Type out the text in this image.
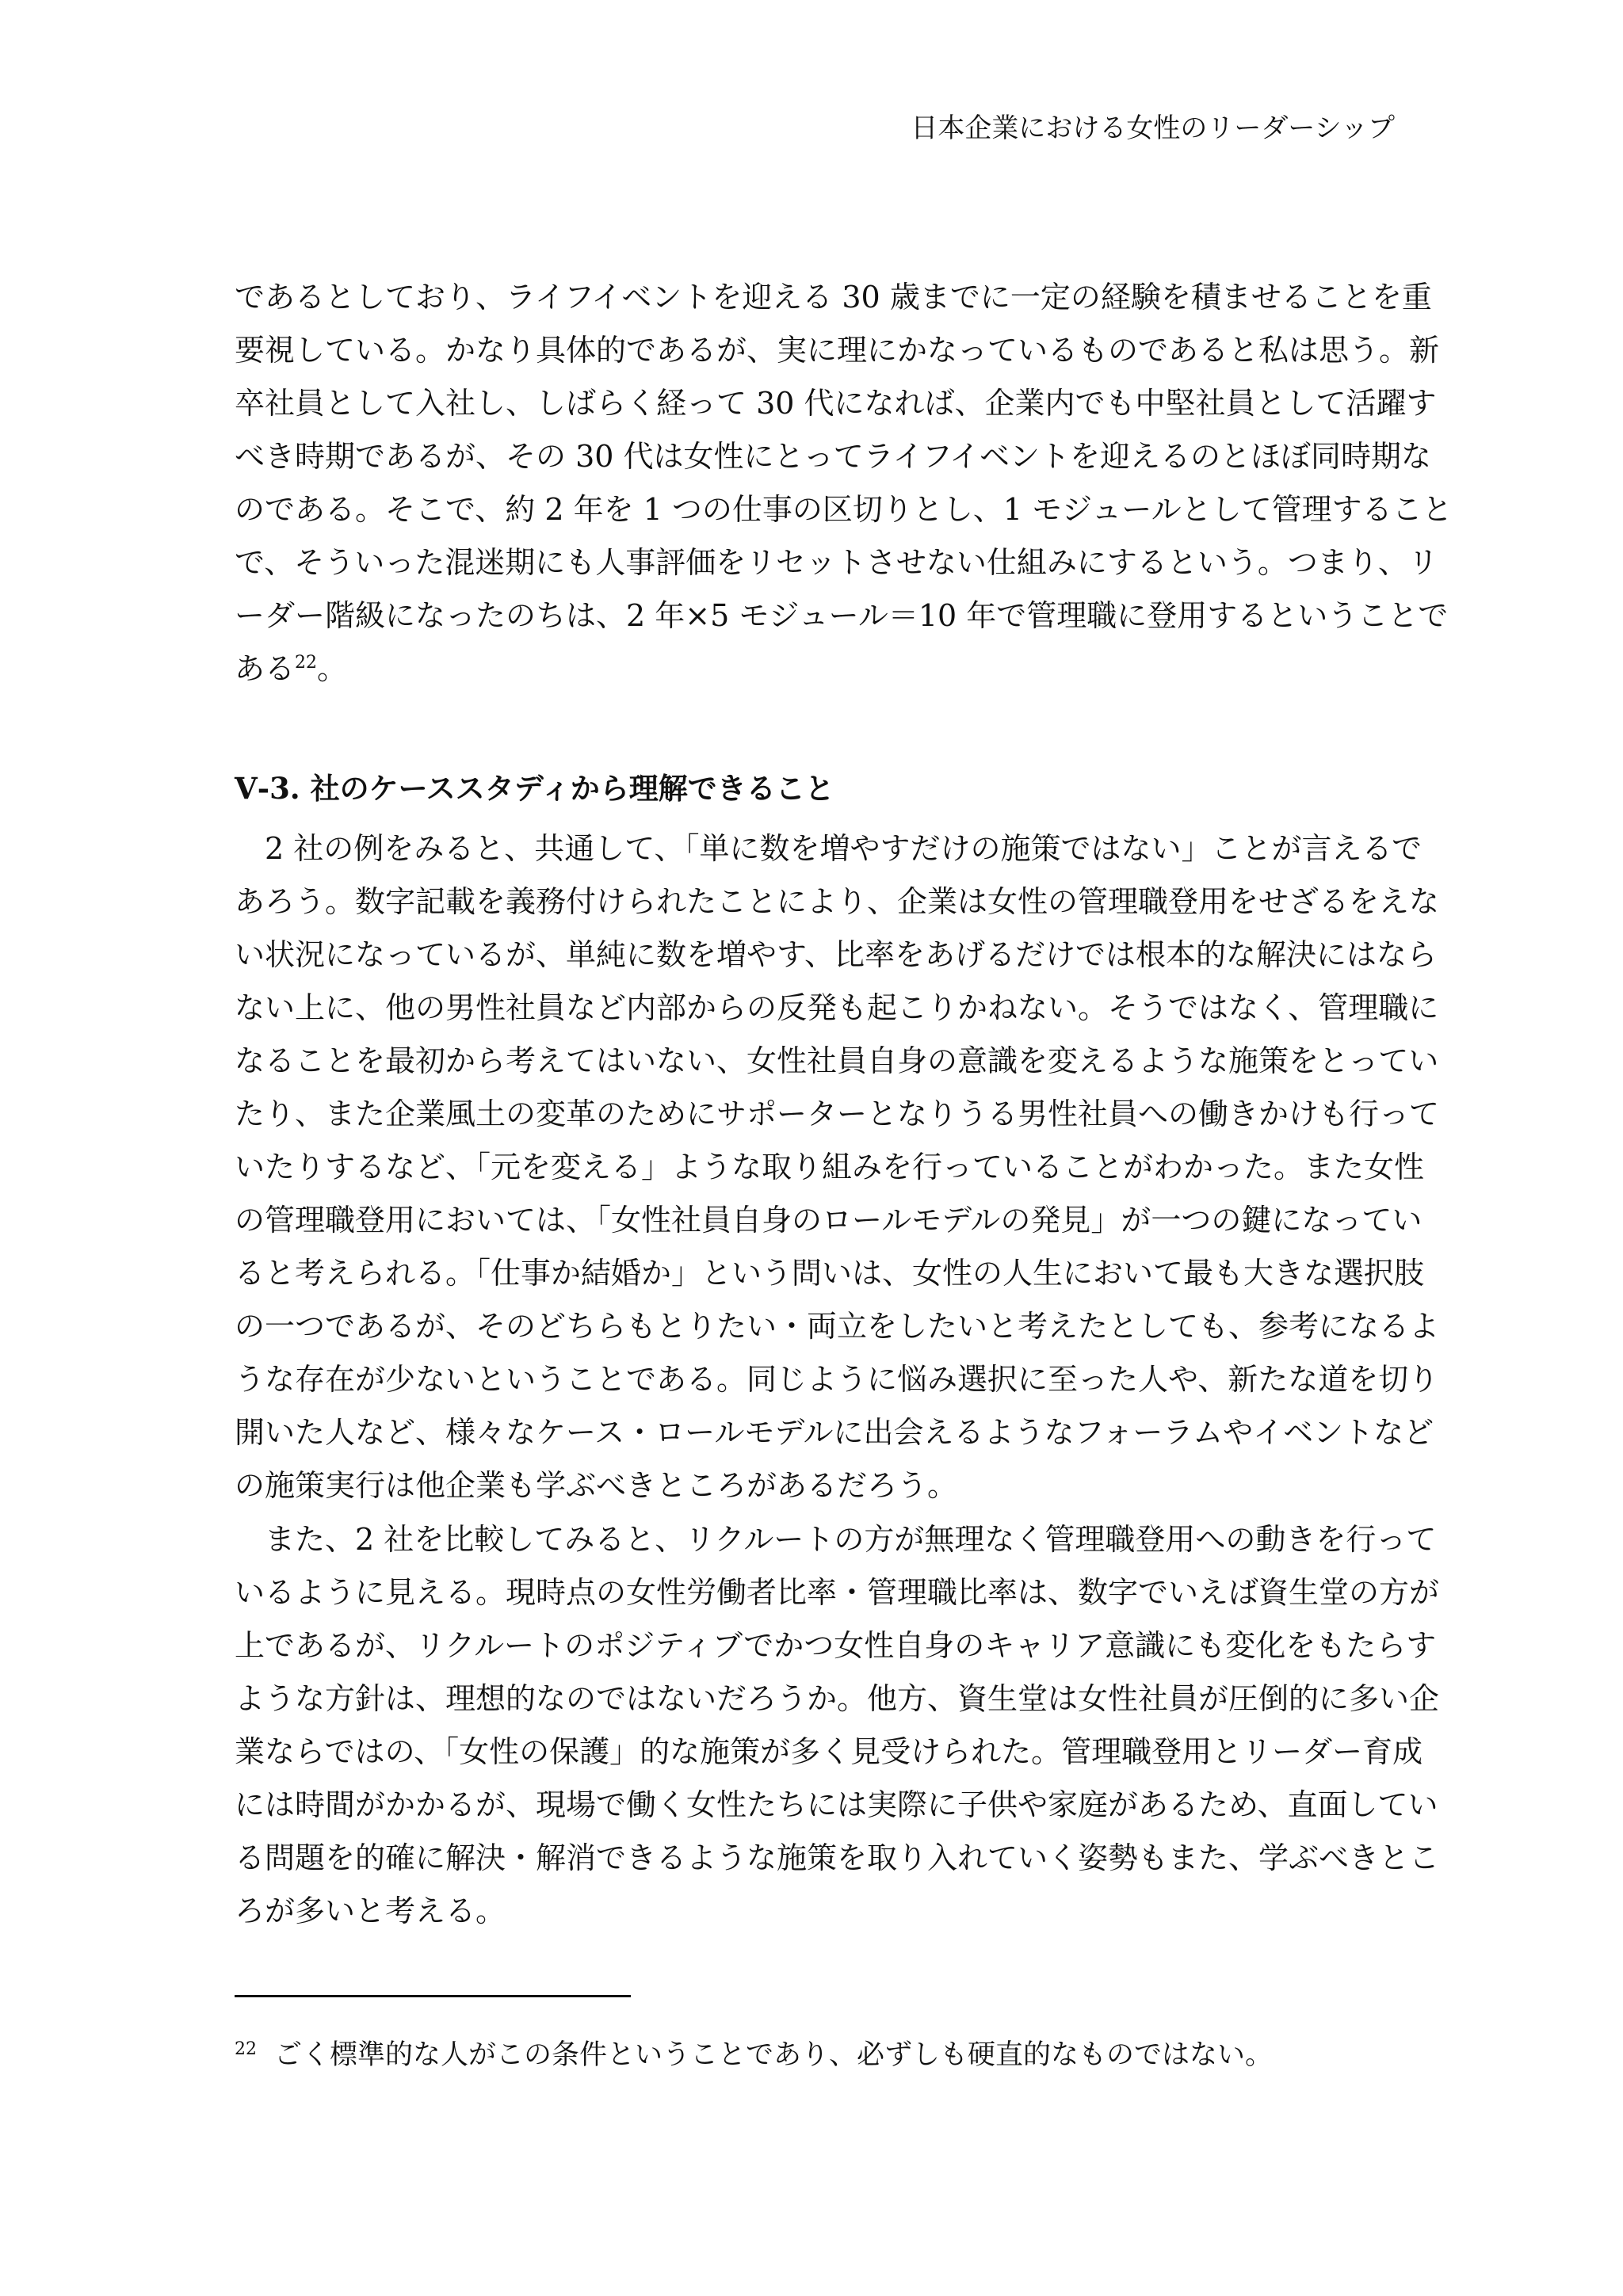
日本企業における女性のリーダーシップ
であるとしており、ライフイベントを迎える 30 歳までに一定の経験を積ませることを重
要視している。かなり具体的であるが、実に理にかなっているものであると私は思う。新
卒社員として入社し、しばらく経って 30 代になれば、企業内でも中堅社員として活躍す
べき時期であるが、その 30 代は女性にとってライフイベントを迎えるのとほぼ同時期な
のである。そこで、約 2 年を 1 つの仕事の区切りとし、1 モジュールとして管理すること
で、そういった混迷期にも人事評価をリセットさせない仕組みにするという。つまり、リ
ーダー階級になったのちは、2 年×5 モジュール＝10 年で管理職に登用するということで
ある$^{22}$。
Ⅴ-3. 社のケーススタディから理解できること
　2 社の例をみると、共通して、「単に数を増やすだけの施策ではない」ことが言えるで
あろう。数字記載を義務付けられたことにより、企業は女性の管理職登用をせざるをえな
い状況になっているが、単純に数を増やす、比率をあげるだけでは根本的な解決にはなら
ない上に、他の男性社員など内部からの反発も起こりかねない。そうではなく、管理職に
なることを最初から考えてはいない、女性社員自身の意識を変えるような施策をとってい
たり、また企業風土の変革のためにサポーターとなりうる男性社員への働きかけも行って
いたりするなど、「元を変える」ような取り組みを行っていることがわかった。また女性
の管理職登用においては、「女性社員自身のロールモデルの発見」が一つの鍵になってい
ると考えられる。「仕事か結婚か」という問いは、女性の人生において最も大きな選択肢
の一つであるが、そのどちらもとりたい・両立をしたいと考えたとしても、参考になるよ
うな存在が少ないということである。同じように悩み選択に至った人や、新たな道を切り
開いた人など、様々なケース・ロールモデルに出会えるようなフォーラムやイベントなど
の施策実行は他企業も学ぶべきところがあるだろう。
　また、2 社を比較してみると、リクルートの方が無理なく管理職登用への動きを行って
いるように見える。現時点の女性労働者比率・管理職比率は、数字でいえば資生堂の方が
上であるが、リクルートのポジティブでかつ女性自身のキャリア意識にも変化をもたらす
ような方針は、理想的なのではないだろうか。他方、資生堂は女性社員が圧倒的に多い企
業ならではの、「女性の保護」的な施策が多く見受けられた。管理職登用とリーダー育成
には時間がかかるが、現場で働く女性たちには実際に子供や家庭があるため、直面してい
る問題を的確に解決・解消できるような施策を取り入れていく姿勢もまた、学ぶべきとこ
ろが多いと考える。
$^{22}$ ごく標準的な人がこの条件ということであり、必ずしも硬直的なものではない。
